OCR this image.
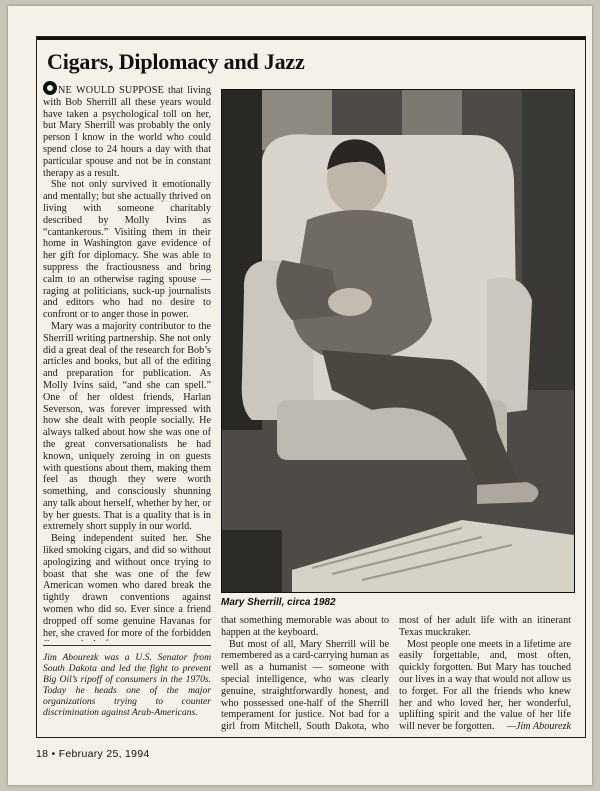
Cigars, Diplomacy and Jazz

NE WOULD SUPPOSE that living with Bob Sherrill all these years would have taken a psychological toll on her, but Mary Sherrill was probably the only person I know in the world who could spend close to 24 hours a day with that particular spouse and not be in constant therapy as a result.

She not only survived it emotionally and mentally; but she actually thrived on living with someone charitably described by Molly Ivins as “cantankerous.” Visiting them in their home in Washington gave evidence of her gift for diplomacy. She was able to suppress the fractiousness and bring calm to an otherwise raging spouse — raging at politicians, suck-up journalists and editors who had no desire to confront or to anger those in power.

Mary was a majority contributor to the Sherrill writing partnership. She not only did a great deal of the research for Bob’s articles and books, but all of the editing and preparation for publication. As Molly Ivins said, “and she can spell.” One of her oldest friends, Harlan Severson, was forever impressed with how she dealt with people socially. He always talked about how she was one of the great conversationalists he had known, uniquely zeroing in on guests with questions about them, making them feel as though they were worth something, and consciously shunning any talk about herself, whether by her, or by her guests. That is a quality that is in extremely short supply in our world.

Being independent suited her. She liked smoking cigars, and did so without apologizing and without once trying to boast that she was one of the few American women who dared break the tightly drawn conventions against women who did so. Ever since a friend dropped off some genuine Havanas for her, she craved for more of the forbidden

Mary Sherrill, circa 1982
Jim Abourezk was a U.S. Senator from South Dakota and led the fight to prevent Big Oil’s ripoff of consumers in the 1970s. Today he heads one of the major organizations trying to counter discrimination against Arab-Americans.

that something memorable was about to happen at the keyboard.

But most of all, Mary Sherrill will be remembered as a card-carrying human as well as a humanist — someone with special intelligence, who was clearly genuine, straightforwardly honest, and who possessed one-half of the Sherrill temperament for justice. Not bad for a girl from Mitchell, South Dakota, who

most of her adult life with an itinerant Texas muckraker.

Most people one meets in a lifetime are easily forgettable, and, most often, quickly forgotten. But Mary has touched our lives in a way that would not allow us to forget. For all the friends who knew her and who loved her, her wonderful, uplifting spirit and the value of her life will never be forgotten.	—Jim Abourezk

18 • February 25, 1994
